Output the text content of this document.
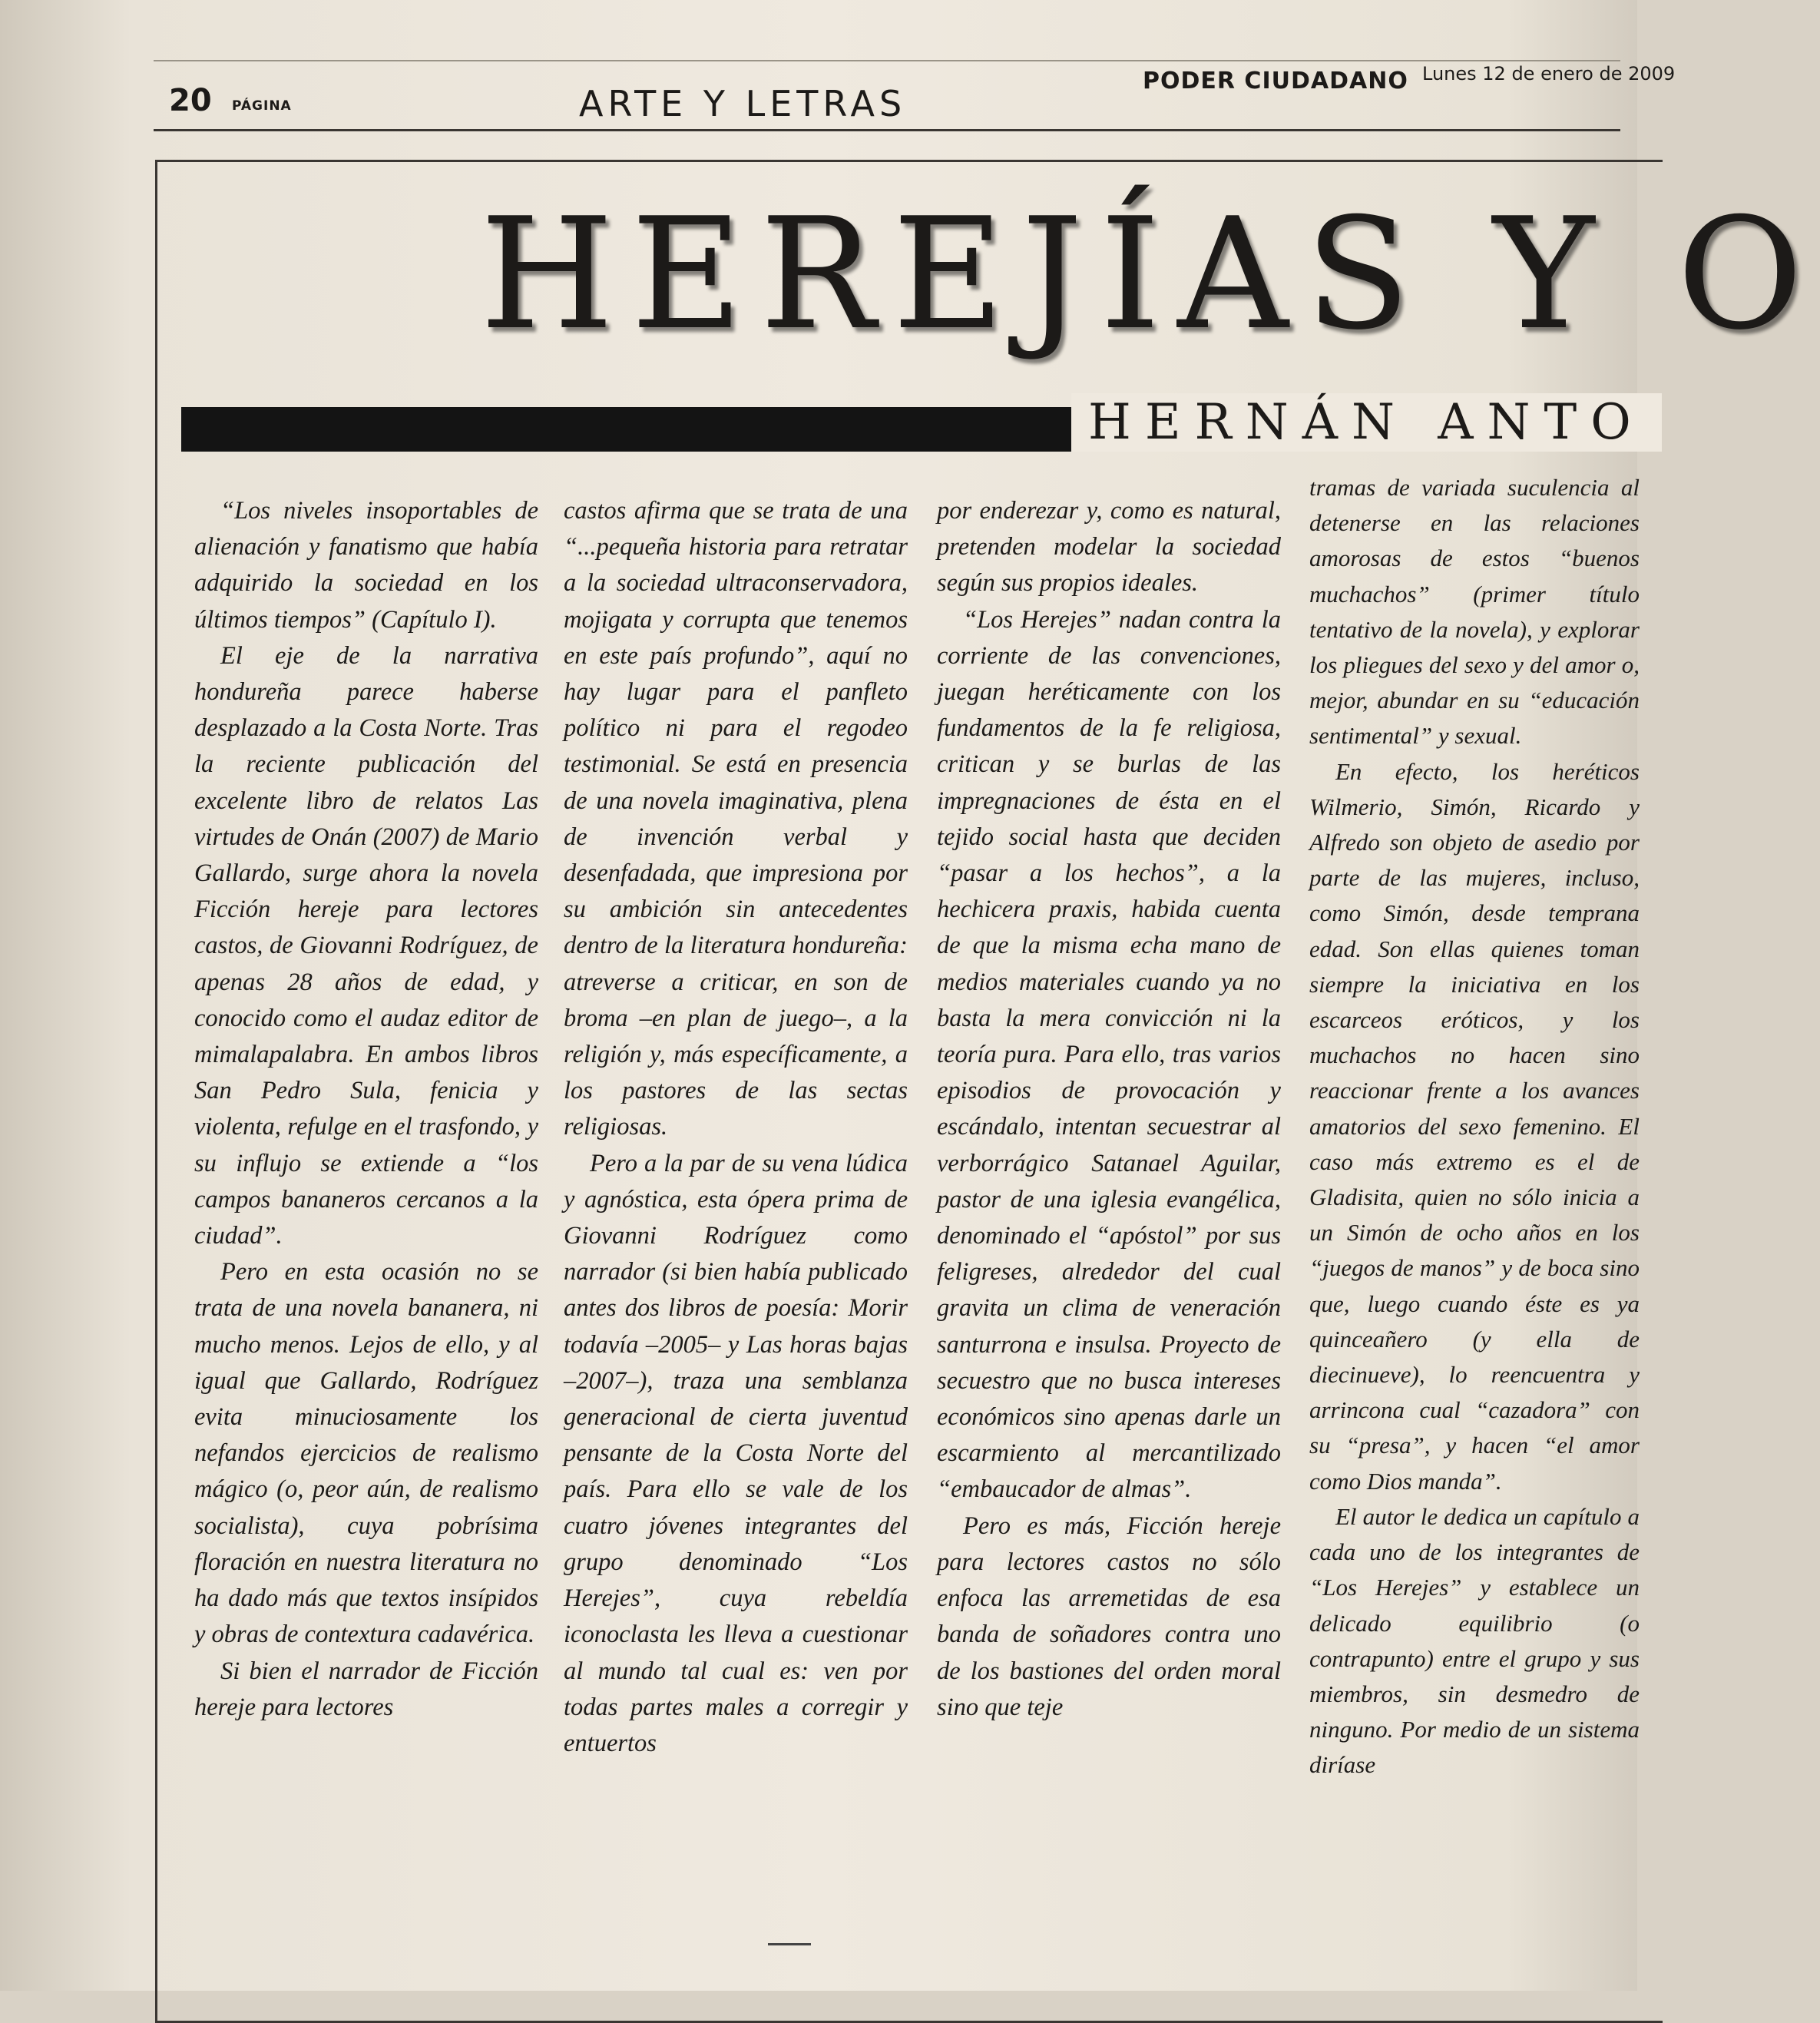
20 PÁGINA	ARTE Y LETRAS
PODER CIUDADANO Lunes 12 de enero de 2009
HEREJÍAS Y O
HERNÁN ANTO

“Los niveles insoportables de alienación y fanatismo que había adquirido la sociedad en los últimos tiempos” (Capítulo I).

El eje de la narrativa hondureña parece haberse desplazado a la Costa Norte. Tras la reciente publicación del excelente libro de relatos Las virtudes de Onán (2007) de Mario Gallardo, surge ahora la novela Ficción hereje para lectores castos, de Giovanni Rodríguez, de apenas 28 años de edad, y conocido como el audaz editor de mimalapalabra. En ambos libros San Pedro Sula, fenicia y violenta, refulge en el trasfondo, y su influjo se extiende a “los campos bananeros cercanos a la ciudad”.

Pero en esta ocasión no se trata de una novela bananera, ni mucho menos. Lejos de ello, y al igual que Gallardo, Rodríguez evita minuciosamente los nefandos ejercicios de realismo mágico (o, peor aún, de realismo socialista), cuya pobrísima floración en nuestra literatura no ha dado más que textos insípidos y obras de contextura cadavérica.

Si bien el narrador de Ficción hereje para lectores

castos afirma que se trata de una “...pequeña historia para retratar a la sociedad ultraconservadora, mojigata y corrupta que tenemos en este país profundo”, aquí no hay lugar para el panfleto político ni para el regodeo testimonial. Se está en presencia de una novela imaginativa, plena de invención verbal y desenfadada, que impresiona por su ambición sin antecedentes dentro de la literatura hondureña: atreverse a criticar, en son de broma –en plan de juego–, a la religión y, más específicamente, a los pastores de las sectas religiosas.

Pero a la par de su vena lúdica y agnóstica, esta ópera prima de Giovanni Rodríguez como narrador (si bien había publicado antes dos libros de poesía: Morir todavía –2005– y Las horas bajas –2007–), traza una semblanza generacional de cierta juventud pensante de la Costa Norte del país. Para ello se vale de los cuatro jóvenes integrantes del grupo denominado “Los Herejes”, cuya rebeldía iconoclasta les lleva a cuestionar al mundo tal cual es: ven por todas partes males a corregir y entuertos

por enderezar y, como es natural, pretenden modelar la sociedad según sus propios ideales.

“Los Herejes” nadan contra la corriente de las convenciones, juegan heréticamente con los fundamentos de la fe religiosa, critican y se burlas de las impregnaciones de ésta en el tejido social hasta que deciden “pasar a los hechos”, a la hechicera praxis, habida cuenta de que la misma echa mano de medios materiales cuando ya no basta la mera convicción ni la teoría pura. Para ello, tras varios episodios de provocación y escándalo, intentan secuestrar al verborrágico Satanael Aguilar, pastor de una iglesia evangélica, denominado el “apóstol” por sus feligreses, alrededor del cual gravita un clima de veneración santurrona e insulsa. Proyecto de secuestro que no busca intereses económicos sino apenas darle un escarmiento al mercantilizado “embaucador de almas”.

Pero es más, Ficción hereje para lectores castos no sólo enfoca las arremetidas de esa banda de soñadores contra uno de los bastiones del orden moral sino que teje

tramas de variada suculencia al detenerse en las relaciones amorosas de estos “buenos muchachos” (primer título tentativo de la novela), y explorar los pliegues del sexo y del amor o, mejor, abundar en su “educación sentimental” y sexual.

En efecto, los heréticos Wilmerio, Simón, Ricardo y Alfredo son objeto de asedio por parte de las mujeres, incluso, como Simón, desde temprana edad. Son ellas quienes toman siempre la iniciativa en los escarceos eróticos, y los muchachos no hacen sino reaccionar frente a los avances amatorios del sexo femenino. El caso más extremo es el de Gladisita, quien no sólo inicia a un Simón de ocho años en los “juegos de manos” y de boca sino que, luego cuando éste es ya quinceañero (y ella de diecinueve), lo reencuentra y arrincona cual “cazadora” con su “presa”, y hacen “el amor como Dios manda”.

El autor le dedica un capítulo a cada uno de los integrantes de “Los Herejes” y establece un delicado equilibrio (o contrapunto) entre el grupo y sus miembros, sin desmedro de ninguno. Por medio de un sistema diríase
